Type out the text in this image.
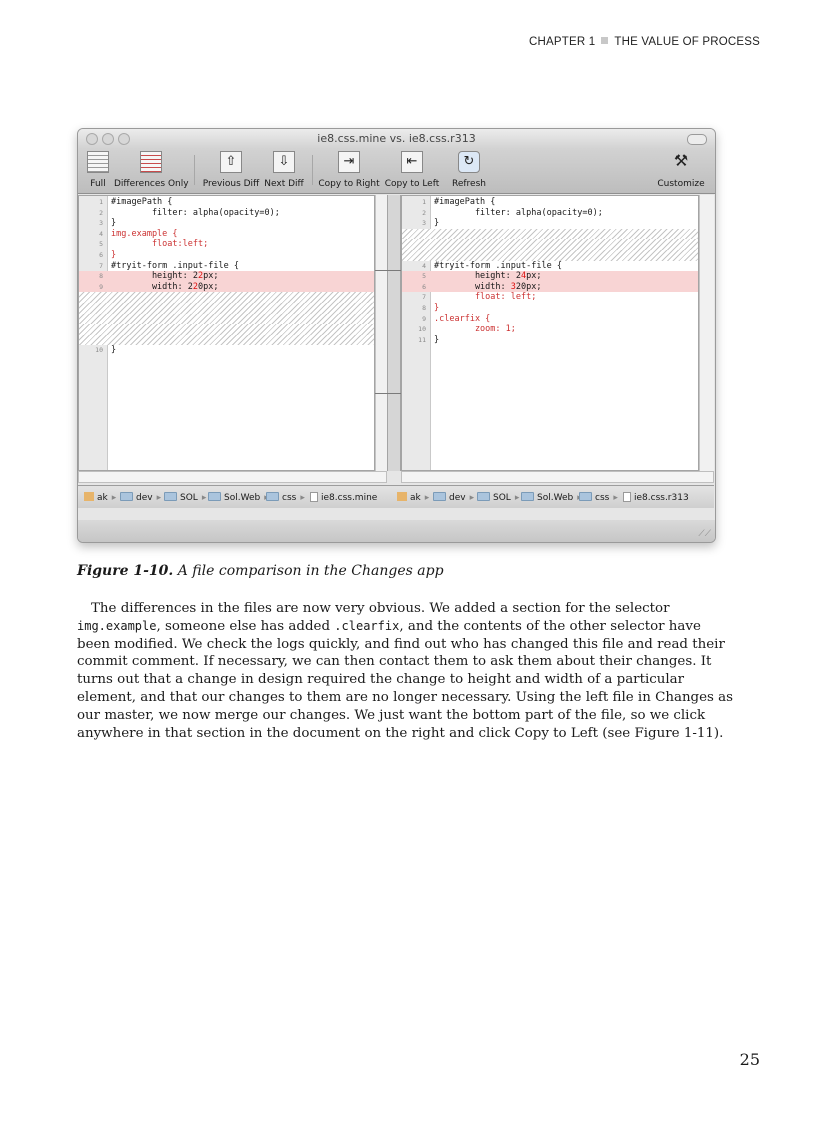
CHAPTER 1 THE VALUE OF PROCESS
ie8.css.mine vs. ie8.css.r313
Full Differences Only
⇧
Previous Diff
⇩
Next Diff
⇥
Copy to Right
⇤
Copy to Left
↻
Refresh
⚒
Customize
1 #imagePath {
2 filter: alpha(opacity=0);
3 }
4 img.example {
5 float:left;
6 }
7 #tryit-form .input-file {
8 height: 22px;
9 width: 220px;
10 }
1 #imagePath {
2 filter: alpha(opacity=0);
3 }
4 #tryit-form .input-file {
5 height: 24px;
6 width: 320px;
7 float: left;
8 }
9 .clearfix {
10 zoom: 1;
11 }
ak ▸	dev ▸	SOL ▸	Sol.Web	css ▸	ie8.css.mine	ak ▸	dev ▸	SOL ▸	Sol.Web	css ▸	ie8.css.r313
⟋⟋
Figure 1-10. A file comparison in the Changes app

The differences in the files are now very obvious. We added a section for the selector img.example, someone else has added .clearfix, and the contents of the other selector have been modified. We check the logs quickly, and find out who has changed this file and read their commit comment. If necessary, we can then contact them to ask them about their changes. It turns out that a change in design required the change to height and width of a particular element, and that our changes to them are no longer necessary. Using the left file in Changes as our master, we now merge our changes. We just want the bottom part of the file, so we click anywhere in that section in the document on the right and click Copy to Left (see Figure 1-11).

25
